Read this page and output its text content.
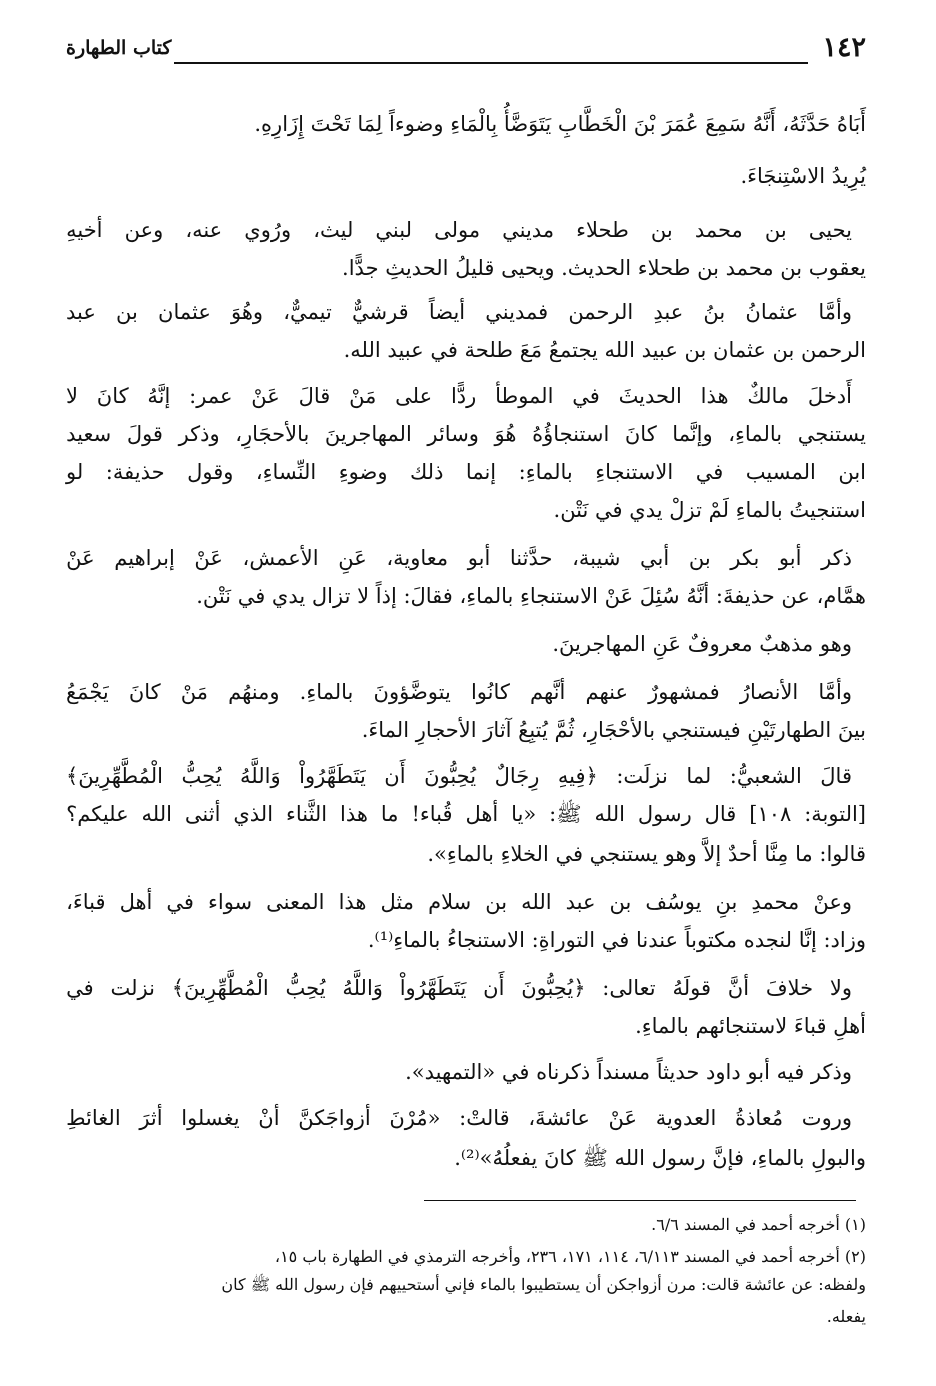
١٤٢
كتاب الطهارة
أَبَاهُ حَدَّثَهُ، أَنَّهُ سَمِعَ عُمَرَ بْنَ الْخَطَّابِ يَتَوَضَّأُ بِالْمَاءِ وضوءاً لِمَا تَحْتَ إِزَارِهِ.
يُرِيدُ الاسْتِنجَاءَ.
يحيى
بن
محمد
بن
طحلاء
مديني
مولى
لبني
ليث،
ورُوي
عنه،
وعن
أخيهِ
يعقوب بن محمد بن طحلاء الحديث. ويحيى قليلُ الحديثِ جدًّا.
وأمَّا
عثمانُ
بنُ
عبدِ
الرحمن
فمديني
أيضاً
قرشيٌّ
تيميٌّ،
وهُوَ
عثمان
بن
عبد
الرحمن بن عثمان بن عبيد الله يجتمعُ مَعَ طلحة في عبيد الله.
أَدخلَ
مالكٌ
هذا
الحديثَ
في
الموطأ
ردًّا
على
مَنْ
قالَ
عَنْ
عمر:
إنَّهُ
كانَ
لا
يستنجي
بالماءِ،
وإنَّما
كانَ
استنجاؤُهُ
هُوَ
وسائر
المهاجرينَ
بالأحجَارِ،
وذكر
قولَ
سعيد
ابن
المسيب
في
الاستنجاءِ
بالماءِ:
إنما
ذلك
وضوءِ
النِّساءِ،
وقول
حذيفة:
لو
استنجيتُ بالماءِ لَمْ تزلْ يدي في نَتْن.
ذكر
أبو
بكر
بن
أبي
شيبة،
حدَّثنا
أبو
معاوية،
عَنِ
الأعمش،
عَنْ
إبراهيم
عَنْ
همَّام، عن حذيفةَ: أنَّهُ سُئِلَ عَنْ الاستنجاءِ بالماءِ، فقالَ: إذاً لا تزال يدي في نَتْن.
وهو مذهبٌ معروفٌ عَنِ المهاجرينَ.
وأمَّا
الأنصارُ
فمشهورٌ
عنهم
أنَّهم
كانُوا
يتوضَّؤونَ
بالماءِ.
ومنهُم
مَنْ
كانَ
يَجْمَعُ
بينَ الطهارتَيْنِ فيستنجي بالأحْجَارِ، ثُمَّ يُتبِعُ آثارَ الأحجارِ الماءَ.
قالَ
الشعبيُّ:
لما
نزلَت:
﴿فِيهِ
رِجَالٌ
يُحِبُّونَ
أَن
يَتَطَهَّرُواْ
وَاللَّهُ
يُحِبُّ
الْمُطَّهِّرِينَ﴾
[التوبة:
١٠٨]
قال
رسول
الله
ﷺ:
«يا
أهل
قُباء!
ما
هذا
الثَّناء
الذي
أثنى
الله
عليكم؟
قالوا: ما مِنَّا أحدٌ إلاَّ وهو يستنجي في الخلاءِ بالماءِ».
وعنْ
محمدِ
بنِ
يوسُف
بن
عبد
الله
بن
سلام
مثل
هذا
المعنى
سواء
في
أهل
قباءَ،
وزاد: إنَّا لنجده مكتوباً عندنا في التوراةِ: الاستنجاءُ بالماءِ⁽¹⁾.
ولا
خلافَ
أنَّ
قولَهُ
تعالى:
﴿يُحِبُّونَ
أَن
يَتَطَهَّرُواْ
وَاللَّهُ
يُحِبُّ
الْمُطَّهِّرِينَ﴾
نزلت
في
أهلِ قباءَ لاستنجائهم بالماءِ.
وذكر فيه أبو داود حديثاً مسنداً ذكرناه في «التمهيد».
وروت
مُعاذةُ
العدوية
عَنْ
عائشةَ،
قالتْ:
«مُرْنَ
أزواجَكنَّ
أنْ
يغسلوا
أثرَ
الغائطِ
والبولِ بالماءِ، فإنَّ رسول الله ﷺ كانَ يفعلُهُ»⁽²⁾.
(١) أخرجه أحمد في المسند ٦/٦.
(٢) أخرجه أحمد في المسند ٦/١١٣، ١١٤، ١٧١، ٢٣٦، وأخرجه الترمذي في الطهارة باب ١٥،
ولفظه: عن عائشة قالت: مرن أزواجكن أن يستطيبوا بالماء فإني أستحييهم فإن رسول الله ﷺ كان
يفعله.
